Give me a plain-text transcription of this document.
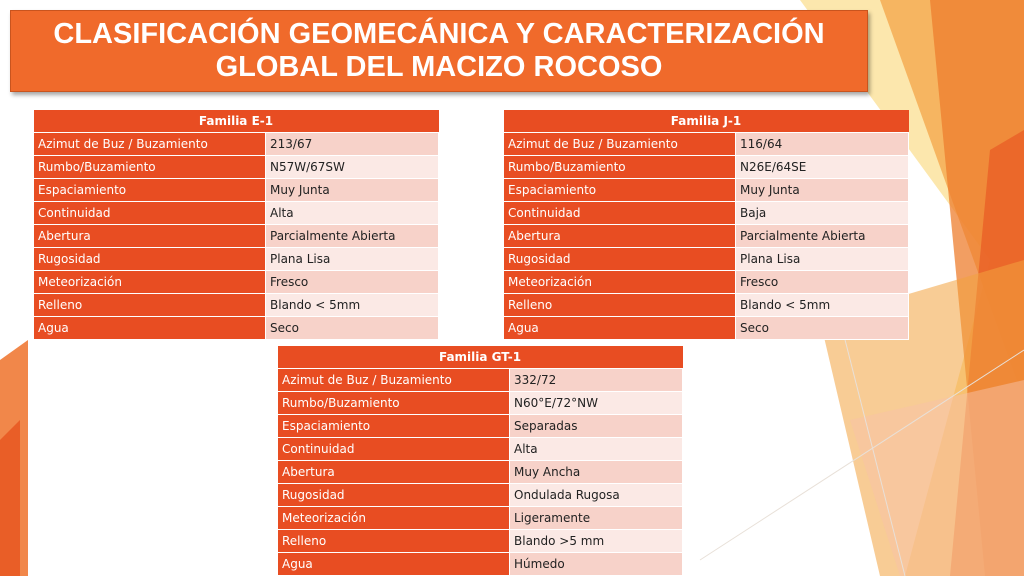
CLASIFICACIÓN GEOMECÁNICA Y CARACTERIZACIÓN
GLOBAL DEL MACIZO ROCOSO
Familia E-1	
Azimut de Buz / Buzamiento	213/67
Rumbo/Buzamiento	N57W/67SW
Espaciamiento	Muy Junta
Continuidad	Alta
Abertura	Parcialmente Abierta
Rugosidad	Plana Lisa
Meteorización	Fresco
Relleno	Blando < 5mm
Agua	Seco
Familia J-1	
Azimut de Buz / Buzamiento	116/64
Rumbo/Buzamiento	N26E/64SE
Espaciamiento	Muy Junta
Continuidad	Baja
Abertura	Parcialmente Abierta
Rugosidad	Plana Lisa
Meteorización	Fresco
Relleno	Blando < 5mm
Agua	Seco
Familia GT-1	
Azimut de Buz / Buzamiento	332/72
Rumbo/Buzamiento	N60°E/72°NW
Espaciamiento	Separadas
Continuidad	Alta
Abertura	Muy Ancha
Rugosidad	Ondulada Rugosa
Meteorización	Ligeramente
Relleno	Blando >5 mm
Agua	Húmedo
